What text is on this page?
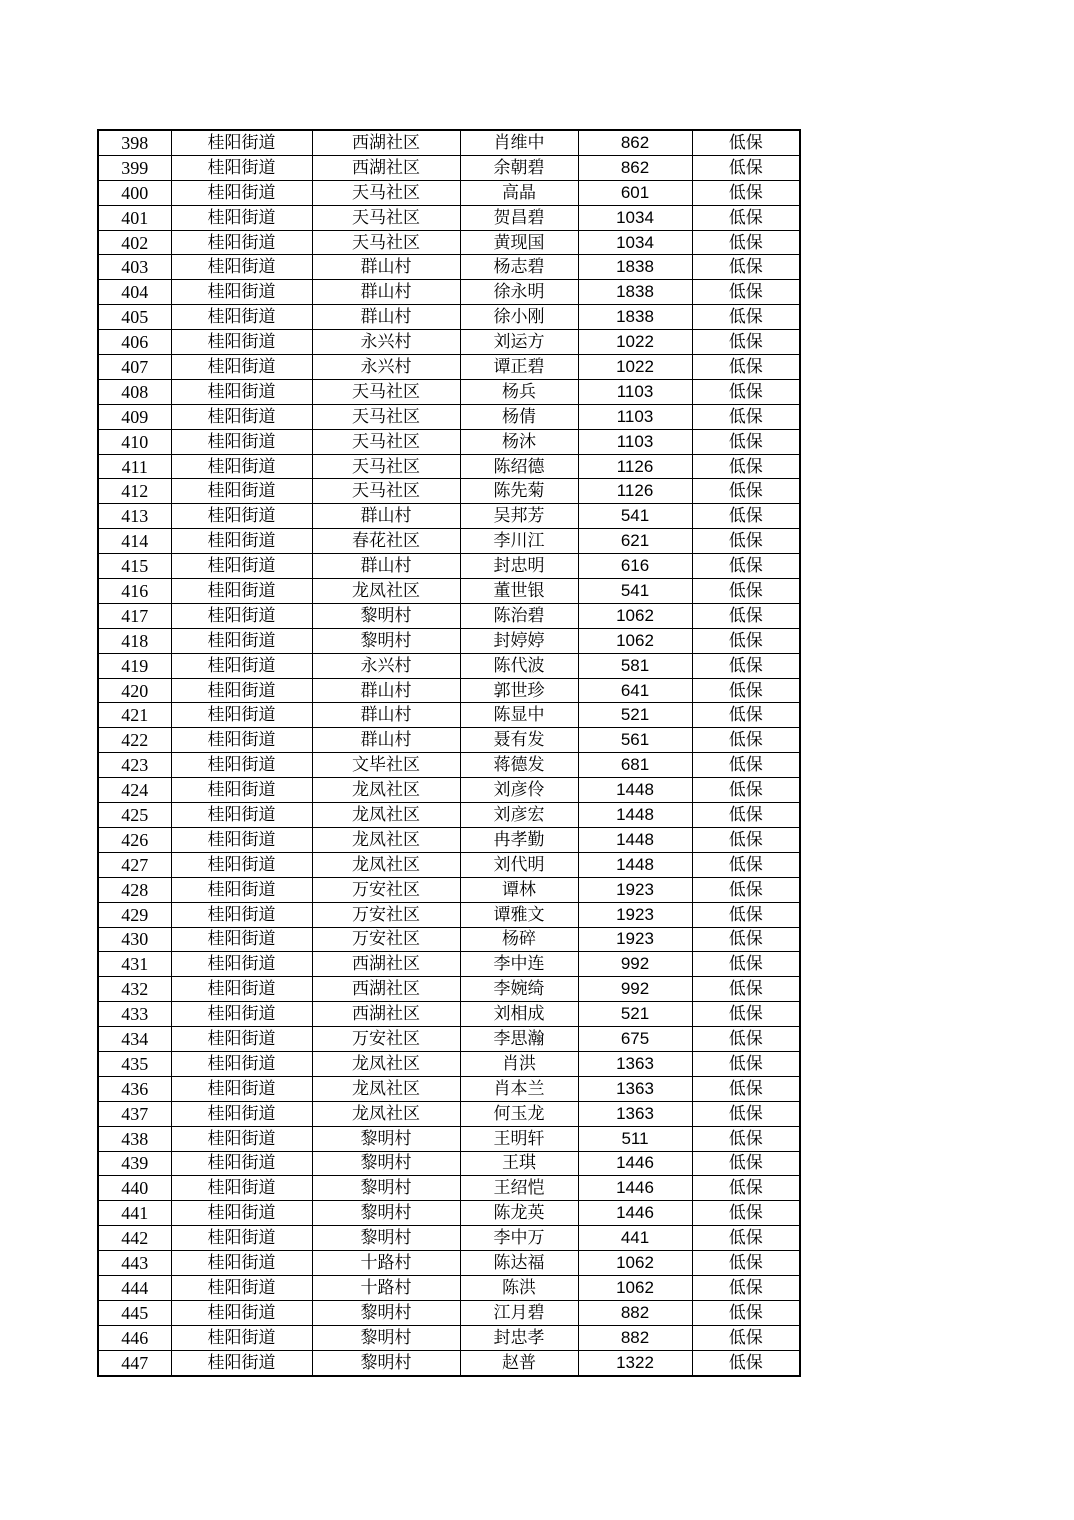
398	桂阳街道	西湖社区	肖维中	862	低保
399	桂阳街道	西湖社区	余朝碧	862	低保
400	桂阳街道	天马社区	高晶	601	低保
401	桂阳街道	天马社区	贺昌碧	1034	低保
402	桂阳街道	天马社区	黄现国	1034	低保
403	桂阳街道	群山村	杨志碧	1838	低保
404	桂阳街道	群山村	徐永明	1838	低保
405	桂阳街道	群山村	徐小刚	1838	低保
406	桂阳街道	永兴村	刘运方	1022	低保
407	桂阳街道	永兴村	谭正碧	1022	低保
408	桂阳街道	天马社区	杨兵	1103	低保
409	桂阳街道	天马社区	杨倩	1103	低保
410	桂阳街道	天马社区	杨沐	1103	低保
411	桂阳街道	天马社区	陈绍德	1126	低保
412	桂阳街道	天马社区	陈先菊	1126	低保
413	桂阳街道	群山村	吴邦芳	541	低保
414	桂阳街道	春花社区	李川江	621	低保
415	桂阳街道	群山村	封忠明	616	低保
416	桂阳街道	龙凤社区	董世银	541	低保
417	桂阳街道	黎明村	陈治碧	1062	低保
418	桂阳街道	黎明村	封婷婷	1062	低保
419	桂阳街道	永兴村	陈代波	581	低保
420	桂阳街道	群山村	郭世珍	641	低保
421	桂阳街道	群山村	陈显中	521	低保
422	桂阳街道	群山村	聂有发	561	低保
423	桂阳街道	文毕社区	蒋德发	681	低保
424	桂阳街道	龙凤社区	刘彦伶	1448	低保
425	桂阳街道	龙凤社区	刘彦宏	1448	低保
426	桂阳街道	龙凤社区	冉孝勤	1448	低保
427	桂阳街道	龙凤社区	刘代明	1448	低保
428	桂阳街道	万安社区	谭林	1923	低保
429	桂阳街道	万安社区	谭雅文	1923	低保
430	桂阳街道	万安社区	杨碎	1923	低保
431	桂阳街道	西湖社区	李中连	992	低保
432	桂阳街道	西湖社区	李婉绮	992	低保
433	桂阳街道	西湖社区	刘相成	521	低保
434	桂阳街道	万安社区	李思瀚	675	低保
435	桂阳街道	龙凤社区	肖洪	1363	低保
436	桂阳街道	龙凤社区	肖本兰	1363	低保
437	桂阳街道	龙凤社区	何玉龙	1363	低保
438	桂阳街道	黎明村	王明轩	511	低保
439	桂阳街道	黎明村	王琪	1446	低保
440	桂阳街道	黎明村	王绍恺	1446	低保
441	桂阳街道	黎明村	陈龙英	1446	低保
442	桂阳街道	黎明村	李中万	441	低保
443	桂阳街道	十路村	陈达福	1062	低保
444	桂阳街道	十路村	陈洪	1062	低保
445	桂阳街道	黎明村	江月碧	882	低保
446	桂阳街道	黎明村	封忠孝	882	低保
447	桂阳街道	黎明村	赵普	1322	低保
